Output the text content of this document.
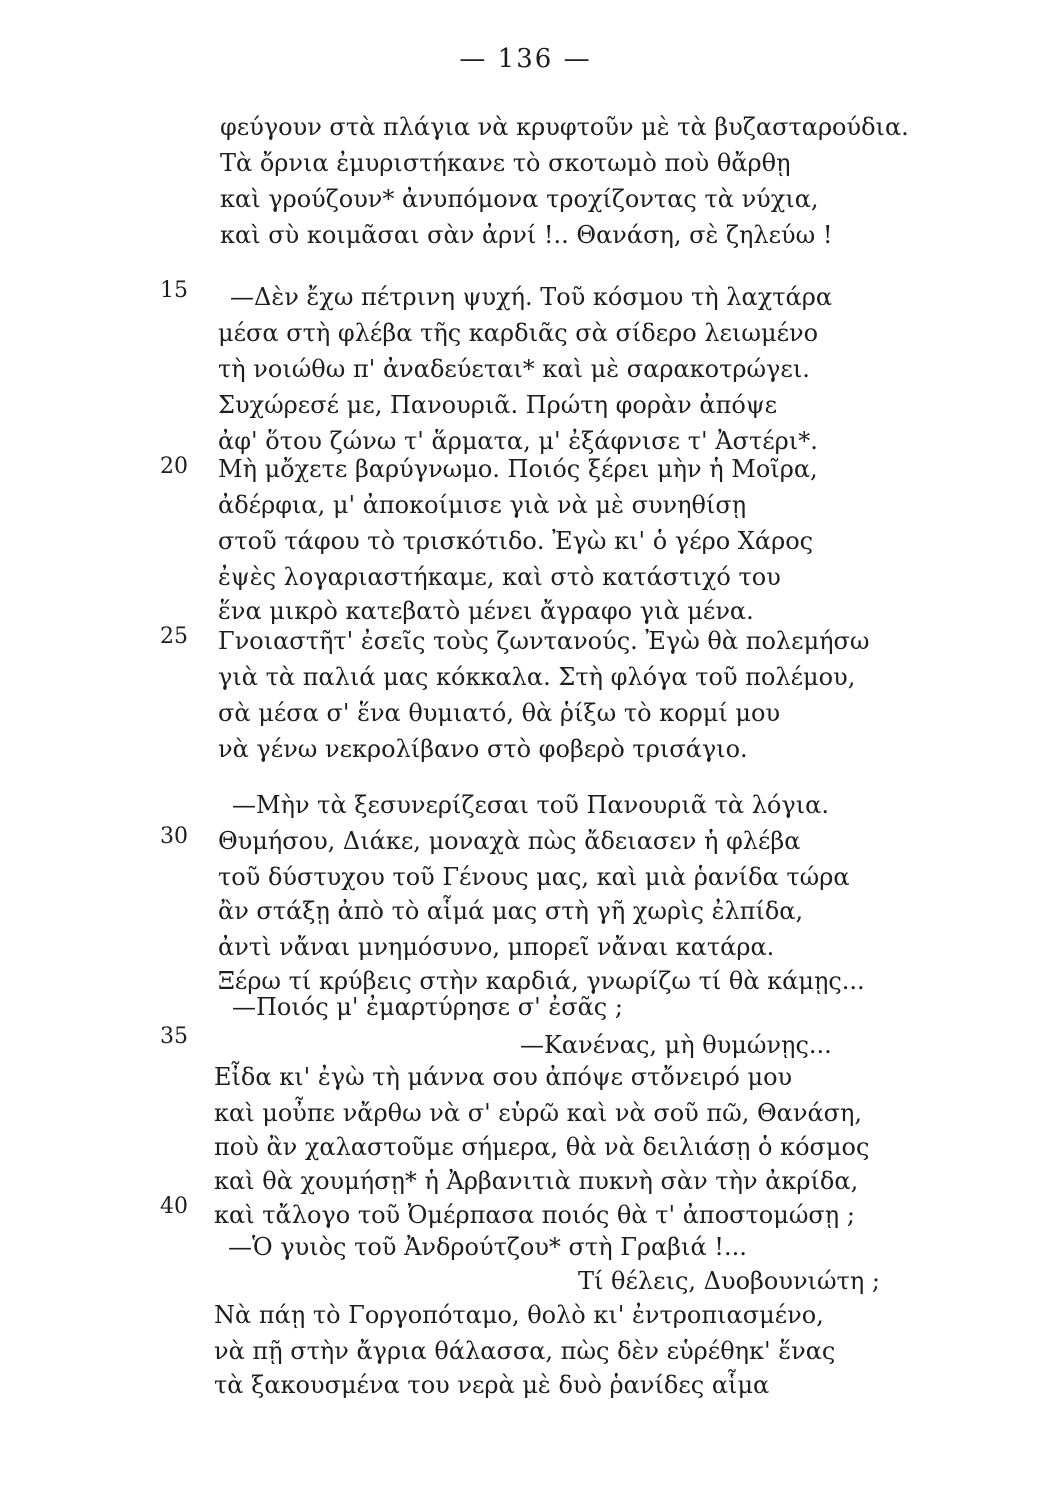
— 136 —
φεύγουν στὰ πλάγια νὰ κρυφτοῦν μὲ τὰ βυζασταρούδια.
Τὰ ὄρνια ἐμυριστήκανε τὸ σκοτωμὸ ποὺ θἄρθῃ
καὶ γρούζουν* ἀνυπόμονα τροχίζοντας τὰ νύχια,
καὶ σὺ κοιμᾶσαι σὰν ἀρνί !.. Θανάση, σὲ ζηλεύω !
15 —Δὲν ἔχω πέτρινη ψυχή. Τοῦ κόσμου τὴ λαχτάρα
μέσα στὴ φλέβα τῆς καρδιᾶς σὰ σίδερο λειωμένο
τὴ νοιώθω π' ἀναδεύεται* καὶ μὲ σαρακοτρώγει.
Συχώρεσέ με, Πανουριᾶ. Πρώτη φορὰν ἀπόψε
ἀφ' ὅτου ζώνω τ' ἅρματα, μ' ἐξάφνισε τ' Ἀστέρι*.
20 Μὴ μὄχετε βαρύγνωμο. Ποιός ξέρει μὴν ἡ Μοῖρα,
ἀδέρφια, μ' ἀποκοίμισε γιὰ νὰ μὲ συνηθίσῃ
στοῦ τάφου τὸ τρισκότιδο. Ἐγὼ κι' ὁ γέρο Χάρος
ἐψὲς λογαριαστήκαμε, καὶ στὸ κατάστιχό του
ἕνα μικρὸ κατεβατὸ μένει ἄγραφο γιὰ μένα.
25 Γνοιαστῆτ' ἐσεῖς τοὺς ζωντανούς. Ἐγὼ θὰ πολεμήσω
γιὰ τὰ παλιά μας κόκκαλα. Στὴ φλόγα τοῦ πολέμου,
σὰ μέσα σ' ἕνα θυμιατό, θὰ ῥίξω τὸ κορμί μου
νὰ γένω νεκρολίβανο στὸ φοβερὸ τρισάγιο.
—Μὴν τὰ ξεσυνερίζεσαι τοῦ Πανουριᾶ τὰ λόγια.
30 Θυμήσου, Διάκε, μοναχὰ πὼς ἄδειασεν ἡ φλέβα
τοῦ δύστυχου τοῦ Γένους μας, καὶ μιὰ ῥανίδα τώρα
ἂν στάξῃ ἀπὸ τὸ αἷμά μας στὴ γῆ χωρὶς ἐλπίδα,
ἀντὶ νἄναι μνημόσυνο, μπορεῖ νἄναι κατάρα.
Ξέρω τί κρύβεις στὴν καρδιά, γνωρίζω τί θὰ κάμῃς...
—Ποιός μ' ἐμαρτύρησε σ' ἐσᾶς ;
35	—Κανένας, μὴ θυμώνῃς...
Εἶδα κι' ἐγὼ τὴ μάννα σου ἀπόψε στὄνειρό μου
καὶ μοὖπε νἄρθω νὰ σ' εὑρῶ καὶ νὰ σοῦ πῶ, Θανάση,
ποὺ ἂν χαλαστοῦμε σήμερα, θὰ νὰ δειλιάσῃ ὁ κόσμος
καὶ θὰ χουμήσῃ* ἡ Ἀρβανιτιὰ πυκνὴ σὰν τὴν ἀκρίδα,
40 καὶ τἄλογο τοῦ Ὀμέρπασα ποιός θὰ τ' ἀποστομώσῃ ;
—Ὁ γυιὸς τοῦ Ἀνδρούτζου* στὴ Γραβιά !...
Τί θέλεις, Δυοβουνιώτη ;
Νὰ πάῃ τὸ Γοργοπόταμο, θολὸ κι' ἐντροπιασμένο,
νὰ πῇ στὴν ἄγρια θάλασσα, πὼς δὲν εὑρέθηκ' ἕνας
τὰ ξακουσμένα του νερὰ μὲ δυὸ ῥανίδες αἷμα
